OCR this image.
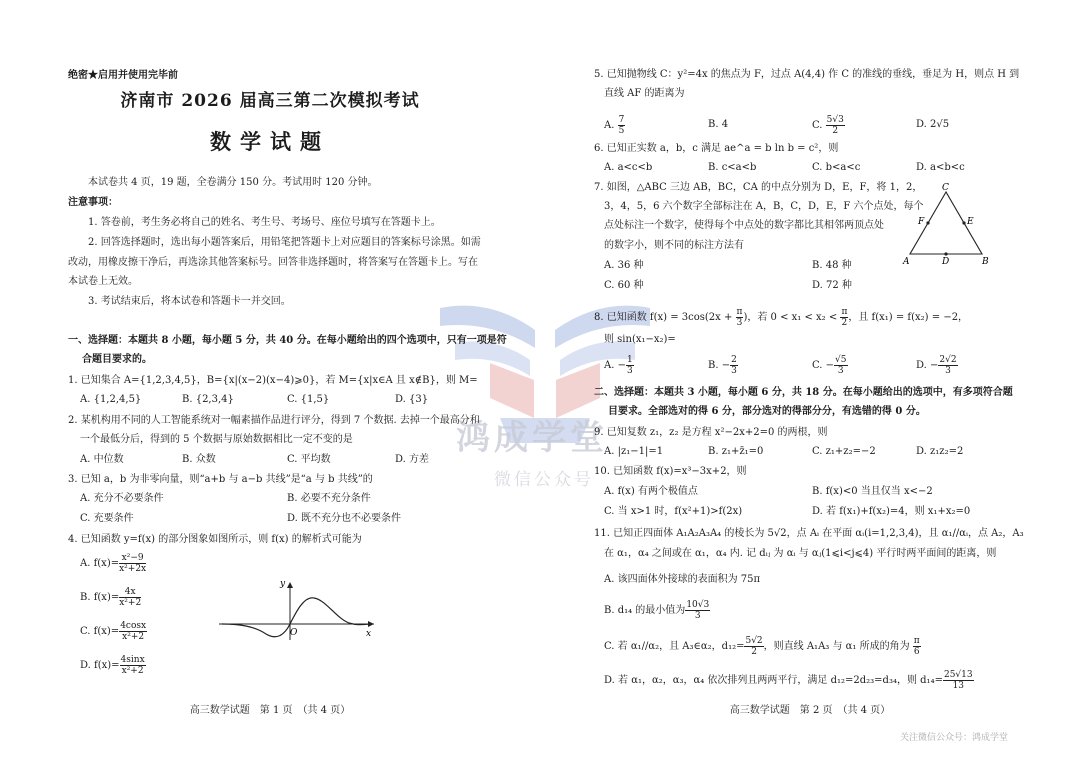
鸿成学堂
微信公众号
绝密★启用并使用完毕前
济南市 2026 届高三第二次模拟考试
数学试题
本试卷共 4 页，19 题，全卷满分 150 分。考试用时 120 分钟。
注意事项：
1. 答卷前，考生务必将自己的姓名、考生号、考场号、座位号填写在答题卡上。
2. 回答选择题时，选出每小题答案后，用铅笔把答题卡上对应题目的答案标号涂黑。如需
改动，用橡皮擦干净后，再选涂其他答案标号。回答非选择题时，将答案写在答题卡上。写在
本试卷上无效。
3. 考试结束后，将本试卷和答题卡一并交回。
一、选择题：本题共 8 小题，每小题 5 分，共 40 分。在每小题给出的四个选项中，只有一项是符
合题目要求的。
1. 已知集合 A={1,2,3,4,5}，B={x|(x−2)(x−4)⩾0}，若 M={x|x∈A 且 x∉B}，则 M=
A. {1,2,4,5}	B. {2,3,4}	C. {1,5}	D. {3}
2. 某机构用不同的人工智能系统对一幅素描作品进行评分，得到 7 个数据. 去掉一个最高分和
一个最低分后，得到的 5 个数据与原始数据相比一定不变的是
A. 中位数	B. 众数	C. 平均数	D. 方差
3. 已知 a，b 为非零向量，则“a+b 与 a−b 共线”是“a 与 b 共线”的
A. 充分不必要条件	B. 必要不充分条件
C. 充要条件	D. 既不充分也不必要条件
4. 已知函数 y=f(x) 的部分图象如图所示，则 f(x) 的解析式可能为
A. $f(x)= \frac{\text{x²−9}}{\text{x²+2x}}$
B. $f(x)= \frac{4x}{\text{x²+2}}$
C. $f(x)= \frac{4\cos x}{\text{x²+2}}$
D. $f(x)= \frac{4\sin x}{\text{x²+2}}$
y
x
O
高三数学试题　第 1 页　（共 4 页）
5. 已知抛物线 C：y²=4x 的焦点为 F，过点 A(4,4) 作 C 的准线的垂线，垂足为 H，则点 H 到
直线 AF 的距离为
A. $\frac{7}{5}$	B. 4	C. $\frac{5√3}{2}$	D. 2√5
6. 已知正实数 a，b，c 满足 ae^a = b ln b = c²，则
A. a<c<b	B. c<a<b	C. b<a<c	D. a<b<c
7. 如图，△ABC 三边 AB，BC，CA 的中点分别为 D，E，F，将 1，2，
3，4，5，6 六个数字全部标注在 A，B，C，D，E，F 六个点处，每个
点处标注一个数字，使得每个中点处的数字都比其相邻两顶点处
的数字小，则不同的标注方法有
A. 36 种	B. 48 种
C. 60 种	D. 72 种
C
A	B
D
E
F
8. 已知函数 $f(x) = 3\cos(2x + \frac{\pi}{3}$ )，若 $0 < x_1 < x_2 < \frac{\pi}{2}$ ，且 f(x₁) = f(x₂) = −2，
则 sin(x₁−x₂)=
A. − $\frac{1}{3}$	B. − $\frac{2}{3}$	C. − $\frac{√5}{3}$	D. − $\frac{2√2}{3}$
二、选择题：本题共 3 小题，每小题 6 分，共 18 分。在每小题给出的选项中，有多项符合题
目要求。全部选对的得 6 分，部分选对的得部分分，有选错的得 0 分。
9. 已知复数 z₁，z₂ 是方程 x²−2x+2=0 的两根，则
A. |z₁−1|=1	B. z₁+z̄₁=0	C. z₁+z₂=−2	D. z₁z₂=2
10. 已知函数 f(x)=x³−3x+2，则
A. f(x) 有两个极值点	B. f(x)<0 当且仅当 x<−2
C. 当 x>1 时，f(x²+1)>f(2x)	D. 若 f(x₁)+f(x₂)=4，则 x₁+x₂=0
11. 已知正四面体 A₁A₂A₃A₄ 的棱长为 5√2，点 Aᵢ 在平面 αᵢ(i=1,2,3,4)，且 α₁//αᵢ，点 A₂，A₃
在 α₁，α₄ 之间或在 α₁，α₄ 内. 记 dᵢⱼ 为 αᵢ 与 αⱼ(1⩽i<j⩽4) 平行时两平面间的距离，则
A. 该四面体外接球的表面积为 75π
B. d₁₄ 的最小值为 $\frac{10√3}{3}$
C. 若 α₁//α₂，且 A₃∈α₂，$d_{12}= \frac{5√2}{2}$ ，则直线 A₁A₃ 与 α₁ 所成的角为 $\frac{\pi}{6}$
D. 若 α₁，α₂，α₃，α₄ 依次排列且两两平行，满足 d₁₂=2d₂₃=d₃₄，则 $d_{14}= \frac{25√13}{13}$
高三数学试题　第 2 页　（共 4 页）
关注微信公众号：鸿成学堂
